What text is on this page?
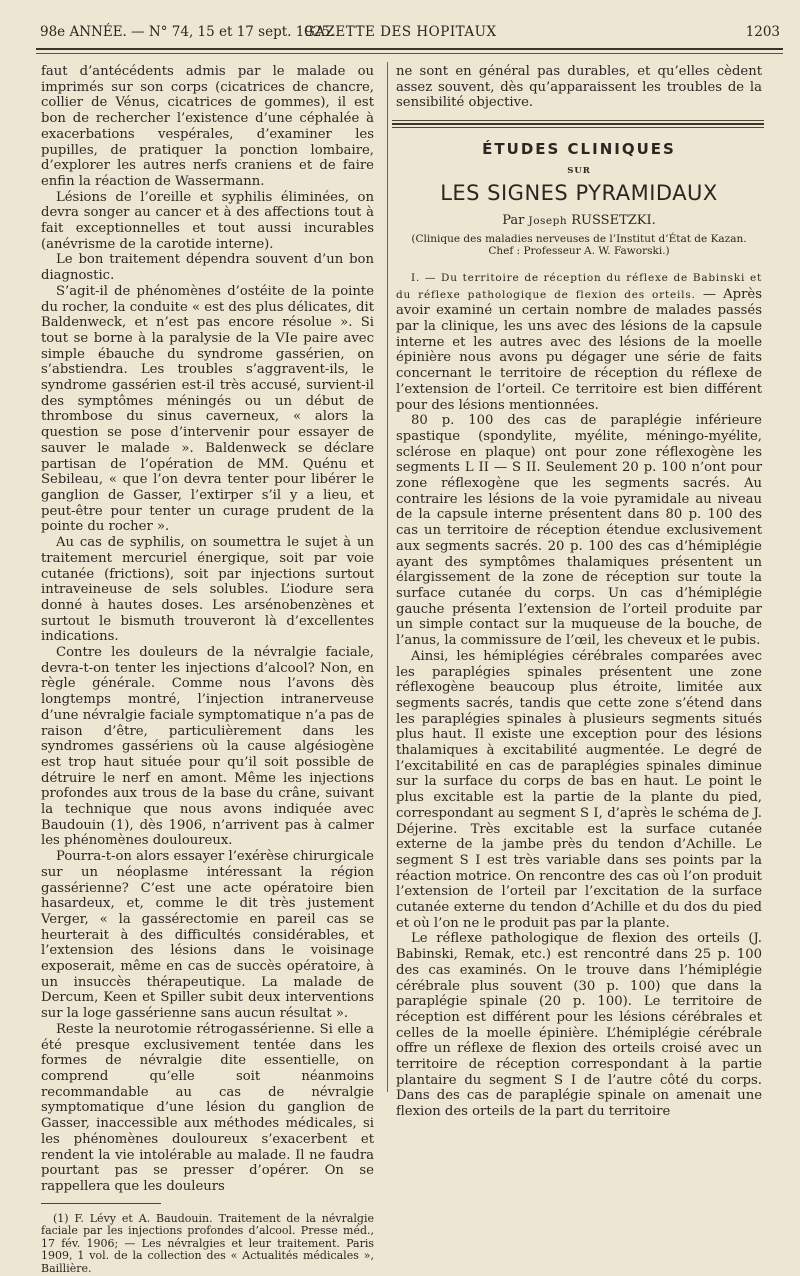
98e ANNÉE. — N° 74, 15 et 17 sept. 1925.
GAZETTE DES HOPITAUX	1203

faut d’antécédents admis par le malade ou imprimés sur son corps (cicatrices de chancre, collier de Vénus, cicatrices de gommes), il est bon de rechercher l’existence d’une céphalée à exacerbations vespérales, d’examiner les pupilles, de pratiquer la ponction lombaire, d’explorer les autres nerfs craniens et de faire enfin la réaction de Wassermann.

Lésions de l’oreille et syphilis éliminées, on devra songer au cancer et à des affections tout à fait exceptionnelles et tout aussi incurables (anévrisme de la carotide interne).

Le bon traitement dépendra souvent d’un bon diagnostic.

S’agit-il de phénomènes d’ostéite de la pointe du rocher, la conduite « est des plus délicates, dit Baldenweck, et n’est pas encore résolue ». Si tout se borne à la paralysie de la VIe paire avec simple ébauche du syndrome gassérien, on s’abstiendra. Les troubles s’aggravent-ils, le syndrome gassérien est-il très accusé, survient-il des symptômes méningés ou un début de thrombose du sinus caverneux, « alors la question se pose d’intervenir pour essayer de sauver le malade ». Baldenweck se déclare partisan de l’opération de MM. Quénu et Sebileau, « que l’on devra tenter pour libérer le ganglion de Gasser, l’extirper s’il y a lieu, et peut-être pour tenter un curage prudent de la pointe du rocher ».

Au cas de syphilis, on soumettra le sujet à un traitement mercuriel énergique, soit par voie cutanée (frictions), soit par injections surtout intraveineuse de sels solubles. L’iodure sera donné à hautes doses. Les arsénobenzènes et surtout le bismuth trouveront là d’excellentes indications.

Contre les douleurs de la névralgie faciale, devra-t-on tenter les injections d’alcool? Non, en règle générale. Comme nous l’avons dès longtemps montré, l’injection intranerveuse d’une névralgie faciale symptomatique n’a pas de raison d’être, particulièrement dans les syndromes gassériens où la cause algésiogène est trop haut située pour qu’il soit possible de détruire le nerf en amont. Même les injections profondes aux trous de la base du crâne, suivant la technique que nous avons indiquée avec Baudouin (1), dès 1906, n’arrivent pas à calmer les phénomènes douloureux.

Pourra-t-on alors essayer l’exérèse chirurgicale sur un néoplasme intéressant la région gassérienne? C’est une acte opératoire bien hasardeux, et, comme le dit très justement Verger, « la gassérectomie en pareil cas se heurterait à des difficultés considérables, et l’extension des lésions dans le voisinage exposerait, même en cas de succès opératoire, à un insuccès thérapeutique. La malade de Dercum, Keen et Spiller subit deux interventions sur la loge gassérienne sans aucun résultat ».

Reste la neurotomie rétrogassérienne. Si elle a été presque exclusivement tentée dans les formes de névralgie dite essentielle, on comprend qu’elle soit néanmoins recommandable au cas de névralgie symptomatique d’une lésion du ganglion de Gasser, inaccessible aux méthodes médicales, si les phénomènes douloureux s’exacerbent et rendent la vie intolérable au malade. Il ne faudra pourtant pas se presser d’opérer. On se rappellera que les douleurs

(1) F. Lévy et A. Baudouin. Traitement de la névralgie faciale par les injections profondes d’alcool. Presse méd., 17 fév. 1906; — Les névralgies et leur traitement. Paris 1909, 1 vol. de la collection des « Actualités médicales », Baillière.

ne sont en général pas durables, et qu’elles cèdent assez souvent, dès qu’apparaissent les troubles de la sensibilité objective.

ÉTUDES CLINIQUES
SUR
LES SIGNES PYRAMIDAUX
Par Joseph RUSSETZKI.
(Clinique des maladies nerveuses de l’Institut d’État de Kazan.
Chef : Professeur A. W. Faworski.)

I. — Du territoire de réception du réflexe de Babinski et du réflexe pathologique de flexion des orteils. — Après avoir examiné un certain nombre de malades passés par la clinique, les uns avec des lésions de la capsule interne et les autres avec des lésions de la moelle épinière nous avons pu dégager une série de faits concernant le territoire de réception du réflexe de l’extension de l’orteil. Ce territoire est bien différent pour des lésions mentionnées.

80 p. 100 des cas de paraplégie inférieure spastique (spondylite, myélite, méningo-myélite, sclérose en plaque) ont pour zone réflexogène les segments L II — S II. Seulement 20 p. 100 n’ont pour zone réflexogène que les segments sacrés. Au contraire les lésions de la voie pyramidale au niveau de la capsule interne présentent dans 80 p. 100 des cas un territoire de réception étendue exclusivement aux segments sacrés. 20 p. 100 des cas d’hémiplégie ayant des symptômes thalamiques présentent un élargissement de la zone de réception sur toute la surface cutanée du corps. Un cas d’hémiplégie gauche présenta l’extension de l’orteil produite par un simple contact sur la muqueuse de la bouche, de l’anus, la commissure de l’œil, les cheveux et le pubis.

Ainsi, les hémiplégies cérébrales comparées avec les paraplégies spinales présentent une zone réflexogène beaucoup plus étroite, limitée aux segments sacrés, tandis que cette zone s’étend dans les paraplégies spinales à plusieurs segments situés plus haut. Il existe une exception pour des lésions thalamiques à excitabilité augmentée. Le degré de l’excitabilité en cas de paraplégies spinales diminue sur la surface du corps de bas en haut. Le point le plus excitable est la partie de la plante du pied, correspondant au segment S I, d’après le schéma de J. Déjerine. Très excitable est la surface cutanée externe de la jambe près du tendon d’Achille. Le segment S I est très variable dans ses points par la réaction motrice. On rencontre des cas où l’on produit l’extension de l’orteil par l’excitation de la surface cutanée externe du tendon d’Achille et du dos du pied et où l’on ne le produit pas par la plante.

Le réflexe pathologique de flexion des orteils (J. Babinski, Remak, etc.) est rencontré dans 25 p. 100 des cas examinés. On le trouve dans l’hémiplégie cérébrale plus souvent (30 p. 100) que dans la paraplégie spinale (20 p. 100). Le territoire de réception est différent pour les lésions cérébrales et celles de la moelle épinière. L’hémiplégie cérébrale offre un réflexe de flexion des orteils croisé avec un territoire de réception correspondant à la partie plantaire du segment S I de l’autre côté du corps. Dans des cas de paraplégie spinale on amenait une flexion des orteils de la part du territoire
